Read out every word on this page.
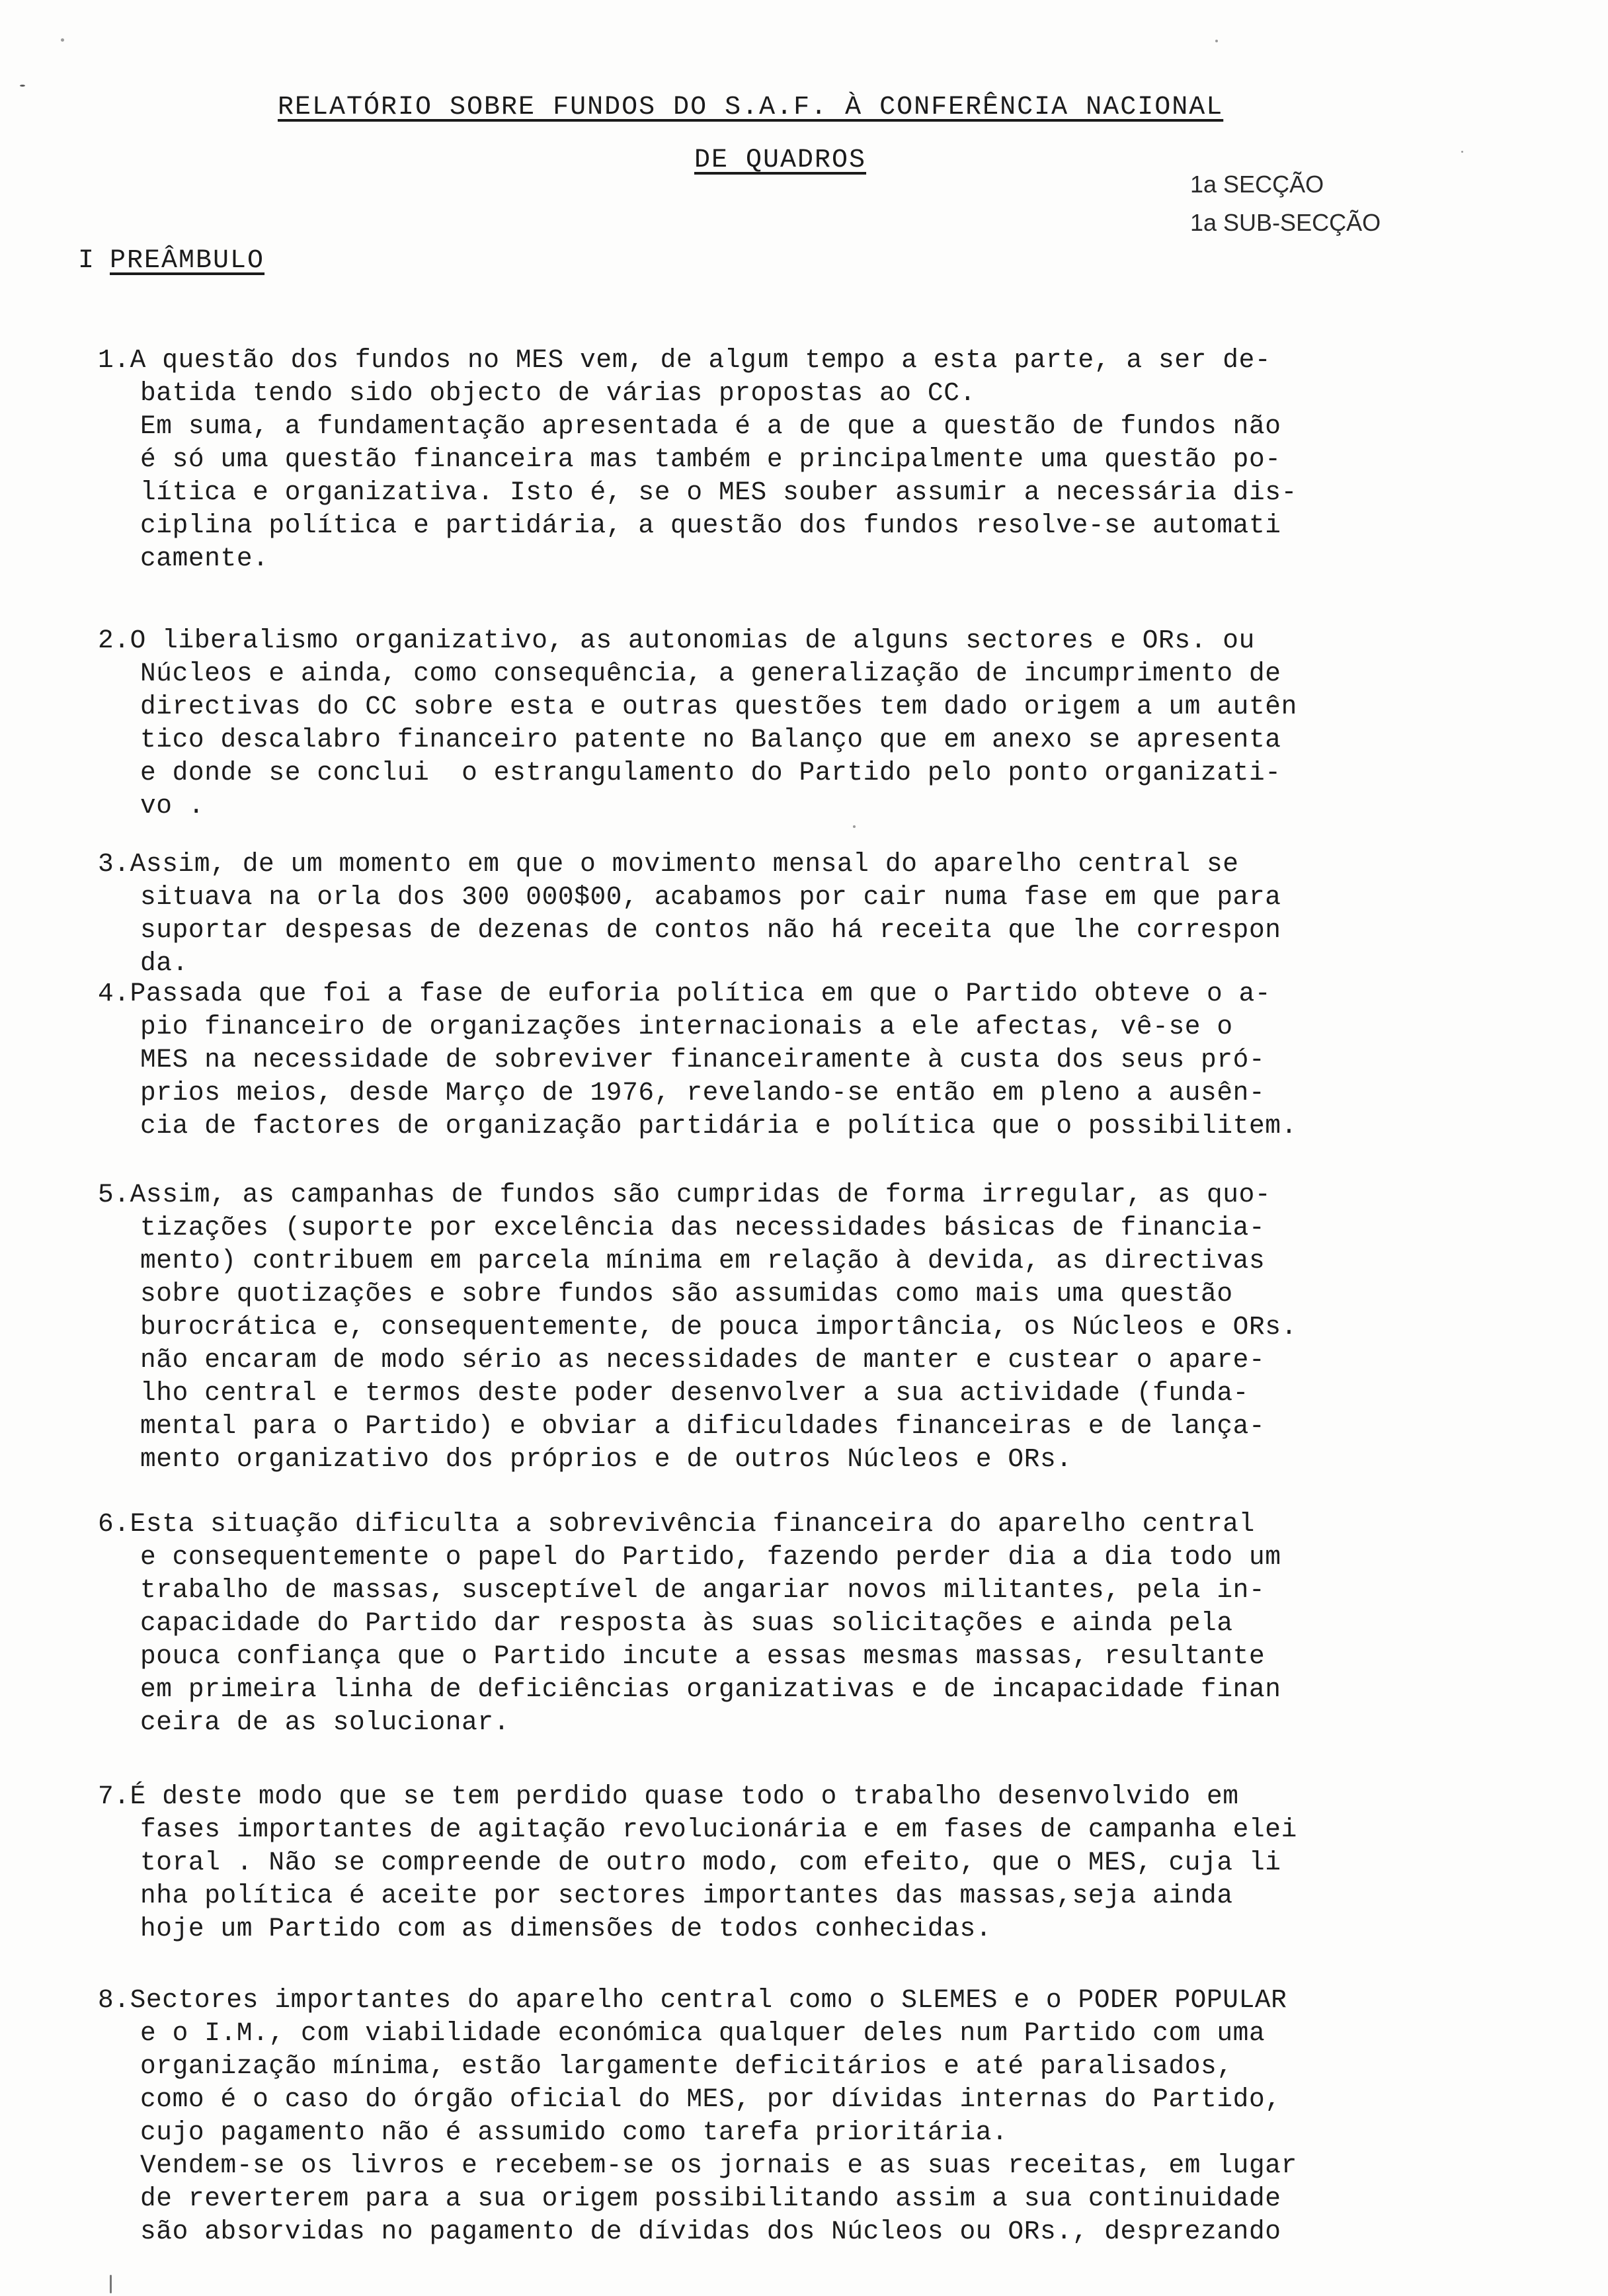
RELATÓRIO SOBRE FUNDOS DO S.A.F. À CONFERÊNCIA NACIONAL
DE QUADROS
1a SECÇÃO
1a SUB-SECÇÃO
I PREÂMBULO
1.A questão dos fundos no MES vem, de algum tempo a esta parte, a ser de-
batida tendo sido objecto de várias propostas ao CC.
Em suma, a fundamentação apresentada é a de que a questão de fundos não
é só uma questão financeira mas também e principalmente uma questão po-
lítica e organizativa. Isto é, se o MES souber assumir a necessária dis-
ciplina política e partidária, a questão dos fundos resolve-se automati
camente.
2.O liberalismo organizativo, as autonomias de alguns sectores e ORs. ou
Núcleos e ainda, como consequência, a generalização de incumprimento de
directivas do CC sobre esta e outras questões tem dado origem a um autên
tico descalabro financeiro patente no Balanço que em anexo se apresenta
e donde se conclui  o estrangulamento do Partido pelo ponto organizati-
vo .
3.Assim, de um momento em que o movimento mensal do aparelho central se
situava na orla dos 300 000$00, acabamos por cair numa fase em que para
suportar despesas de dezenas de contos não há receita que lhe correspon
da.
4.Passada que foi a fase de euforia política em que o Partido obteve o a-
pio financeiro de organizações internacionais a ele afectas, vê-se o
MES na necessidade de sobreviver financeiramente à custa dos seus pró-
prios meios, desde Março de 1976, revelando-se então em pleno a ausên-
cia de factores de organização partidária e política que o possibilitem.
5.Assim, as campanhas de fundos são cumpridas de forma irregular, as quo-
tizações (suporte por excelência das necessidades básicas de financia-
mento) contribuem em parcela mínima em relação à devida, as directivas
sobre quotizações e sobre fundos são assumidas como mais uma questão
burocrática e, consequentemente, de pouca importância, os Núcleos e ORs.
não encaram de modo sério as necessidades de manter e custear o apare-
lho central e termos deste poder desenvolver a sua actividade (funda-
mental para o Partido) e obviar a dificuldades financeiras e de lança-
mento organizativo dos próprios e de outros Núcleos e ORs.
6.Esta situação dificulta a sobrevivência financeira do aparelho central
e consequentemente o papel do Partido, fazendo perder dia a dia todo um
trabalho de massas, susceptível de angariar novos militantes, pela in-
capacidade do Partido dar resposta às suas solicitações e ainda pela
pouca confiança que o Partido incute a essas mesmas massas, resultante
em primeira linha de deficiências organizativas e de incapacidade finan
ceira de as solucionar.
7.É deste modo que se tem perdido quase todo o trabalho desenvolvido em
fases importantes de agitação revolucionária e em fases de campanha elei
toral . Não se compreende de outro modo, com efeito, que o MES, cuja li
nha política é aceite por sectores importantes das massas,seja ainda
hoje um Partido com as dimensões de todos conhecidas.
8.Sectores importantes do aparelho central como o SLEMES e o PODER POPULAR
e o I.M., com viabilidade económica qualquer deles num Partido com uma
organização mínima, estão largamente deficitários e até paralisados,
como é o caso do órgão oficial do MES, por dívidas internas do Partido,
cujo pagamento não é assumido como tarefa prioritária.
Vendem-se os livros e recebem-se os jornais e as suas receitas, em lugar
de reverterem para a sua origem possibilitando assim a sua continuidade
são absorvidas no pagamento de dívidas dos Núcleos ou ORs., desprezando
